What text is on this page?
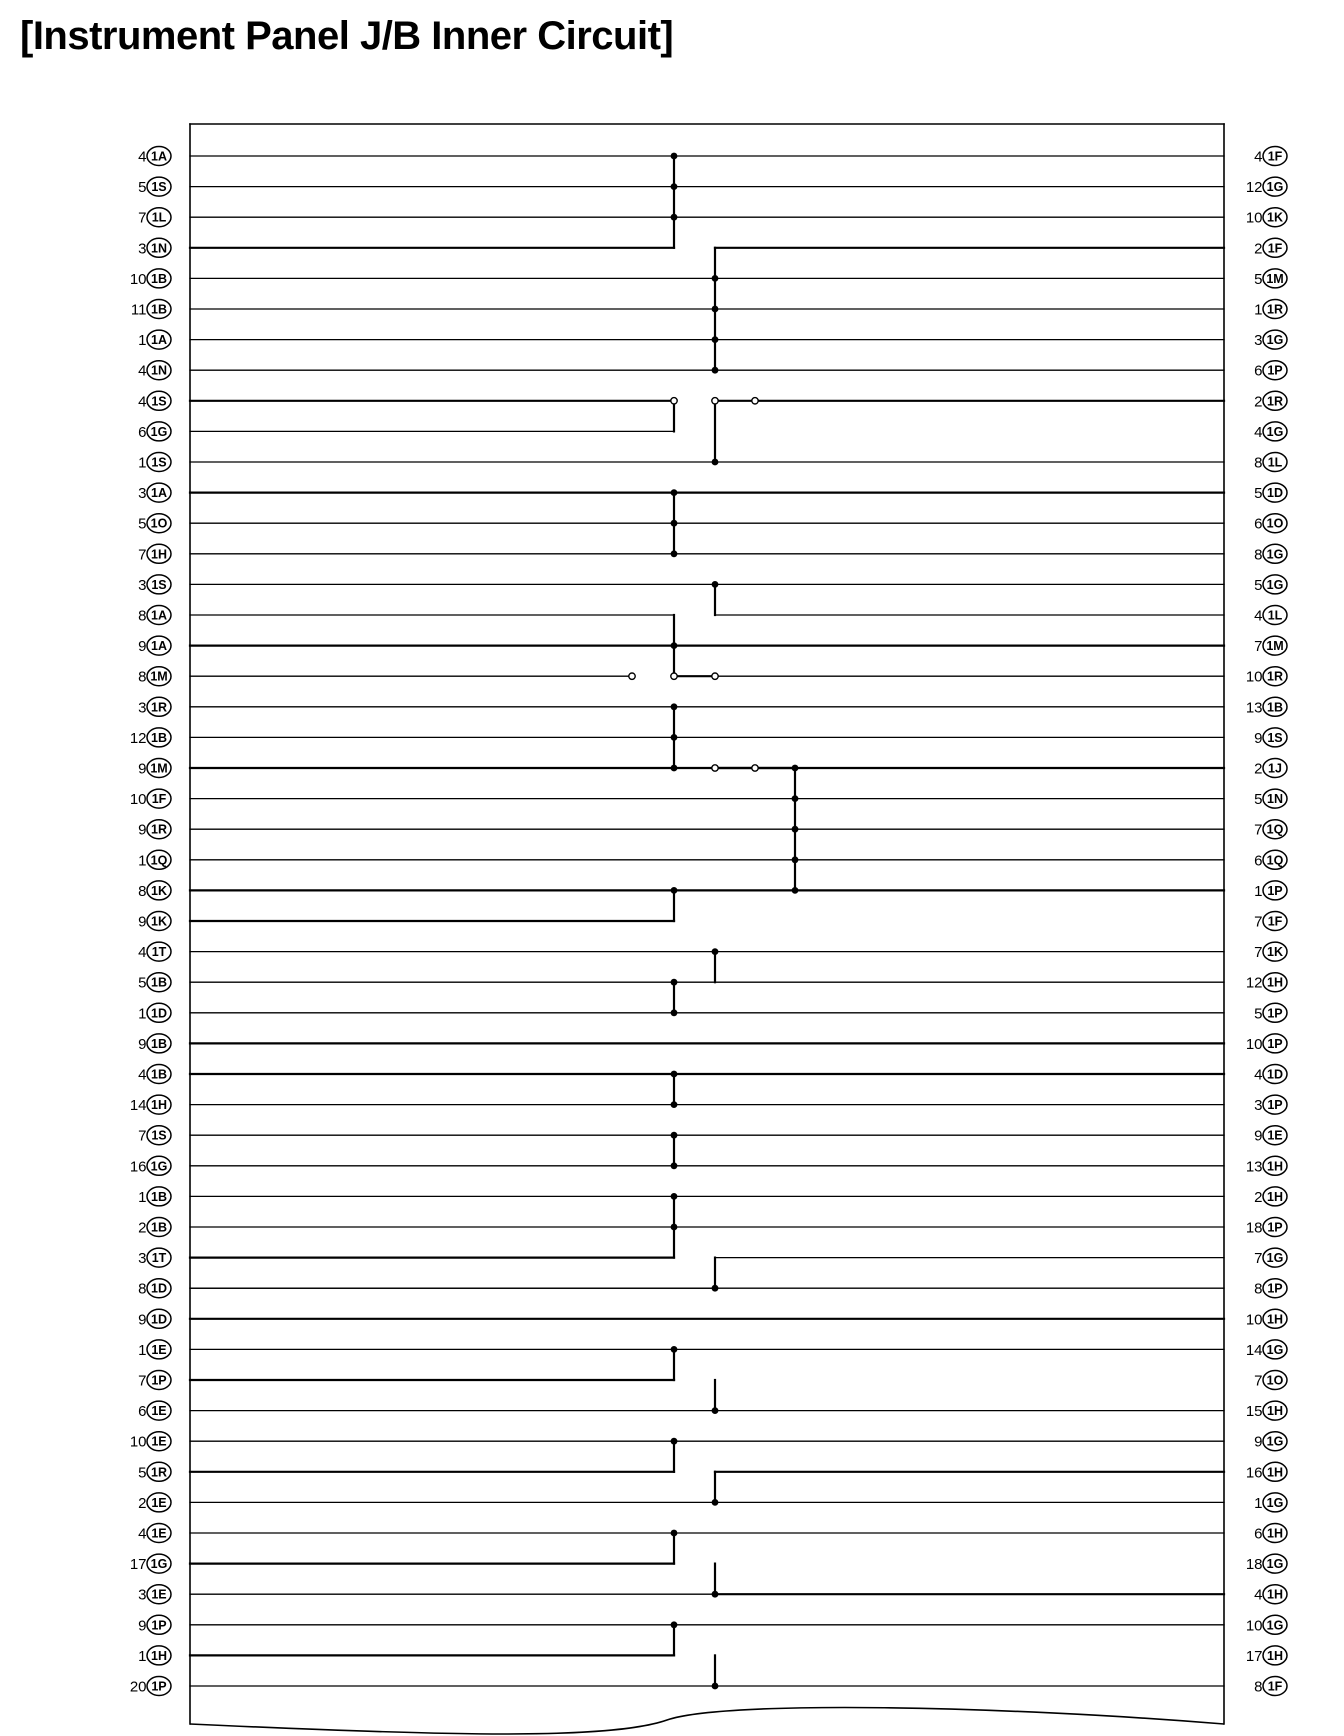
[Instrument Panel J/B Inner Circuit]
4 1A	4 1F
5 1S	12 1G
7 1L	10 1K
3 1N	2 1F
10 1B	5 1M
11 1B	1 1R
1 1A	3 1G
4 1N	6 1P
4 1S	2 1R
6 1G	4 1G
1 1S	8 1L
3 1A	5 1D
5 1O	6 1O
7 1H	8 1G
3 1S	5 1G
8 1A	4 1L
9 1A	7 1M
8 1M	10 1R
3 1R	13 1B
12 1B	9 1S
9 1M	2 1J
10 1F	5 1N
9 1R	7 1Q
1 1Q	6 1Q
8 1K	1 1P
9 1K	7 1F
4 1T	7 1K
5 1B	12 1H
1 1D	5 1P
9 1B	10 1P
4 1B	4 1D
14 1H	3 1P
7 1S	9 1E
16 1G	13 1H
1 1B	2 1H
2 1B	18 1P
3 1T	7 1G
8 1D	8 1P
9 1D	10 1H
1 1E	14 1G
7 1P	7 1O
6 1E	15 1H
10 1E	9 1G
5 1R	16 1H
2 1E	1 1G
4 1E	6 1H
17 1G	18 1G
3 1E	4 1H
9 1P	10 1G
1 1H	17 1H
20 1P	8 1F
